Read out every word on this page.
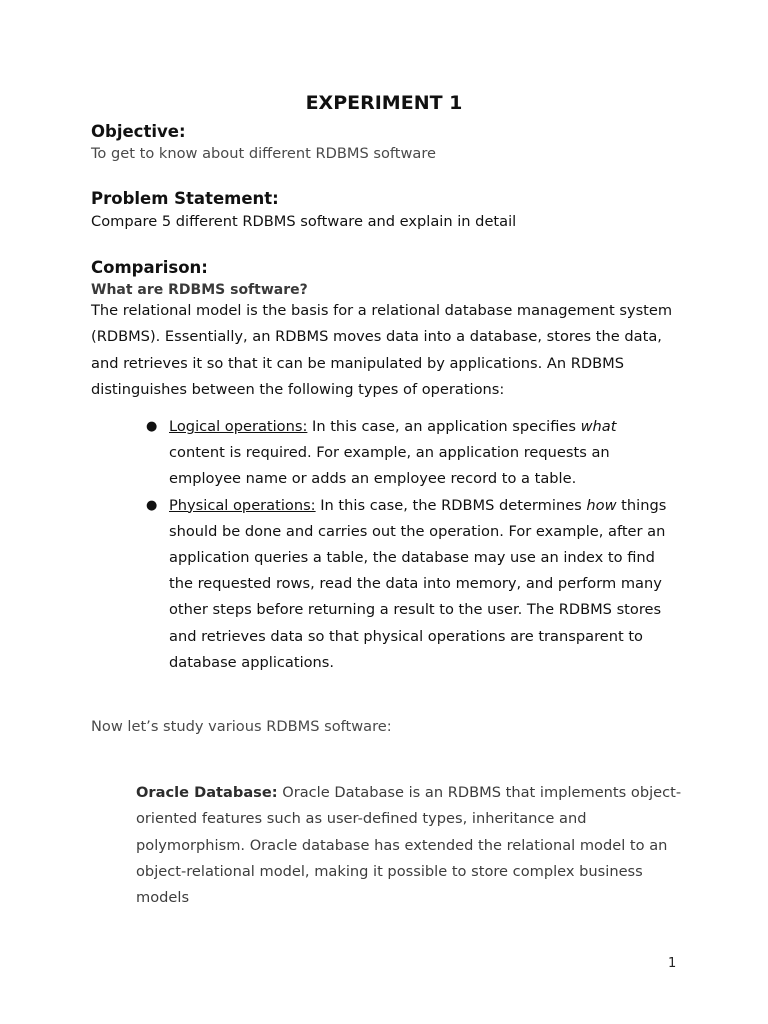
EXPERIMENT 1
Objective:

To get to know about different RDBMS software

Problem Statement:

Compare 5 different RDBMS software and explain in detail

Comparison:
What are RDBMS software?

The relational model is the basis for a relational database management system (RDBMS). Essentially, an RDBMS moves data into a database, stores the data, and retrieves it so that it can be manipulated by applications. An RDBMS distinguishes between the following types of operations:

● Logical operations: In this case, an application specifies what content is required. For example, an application requests an employee name or adds an employee record to a table.
● Physical operations: In this case, the RDBMS determines how things should be done and carries out the operation. For example, after an application queries a table, the database may use an index to find the requested rows, read the data into memory, and perform many other steps before returning a result to the user. The RDBMS stores and retrieves data so that physical operations are transparent to database applications.

Now let’s study various RDBMS software:

Oracle Database: Oracle Database is an RDBMS that implements object-oriented features such as user-defined types, inheritance and polymorphism. Oracle database has extended the relational model to an object-relational model, making it possible to store complex business models

1
